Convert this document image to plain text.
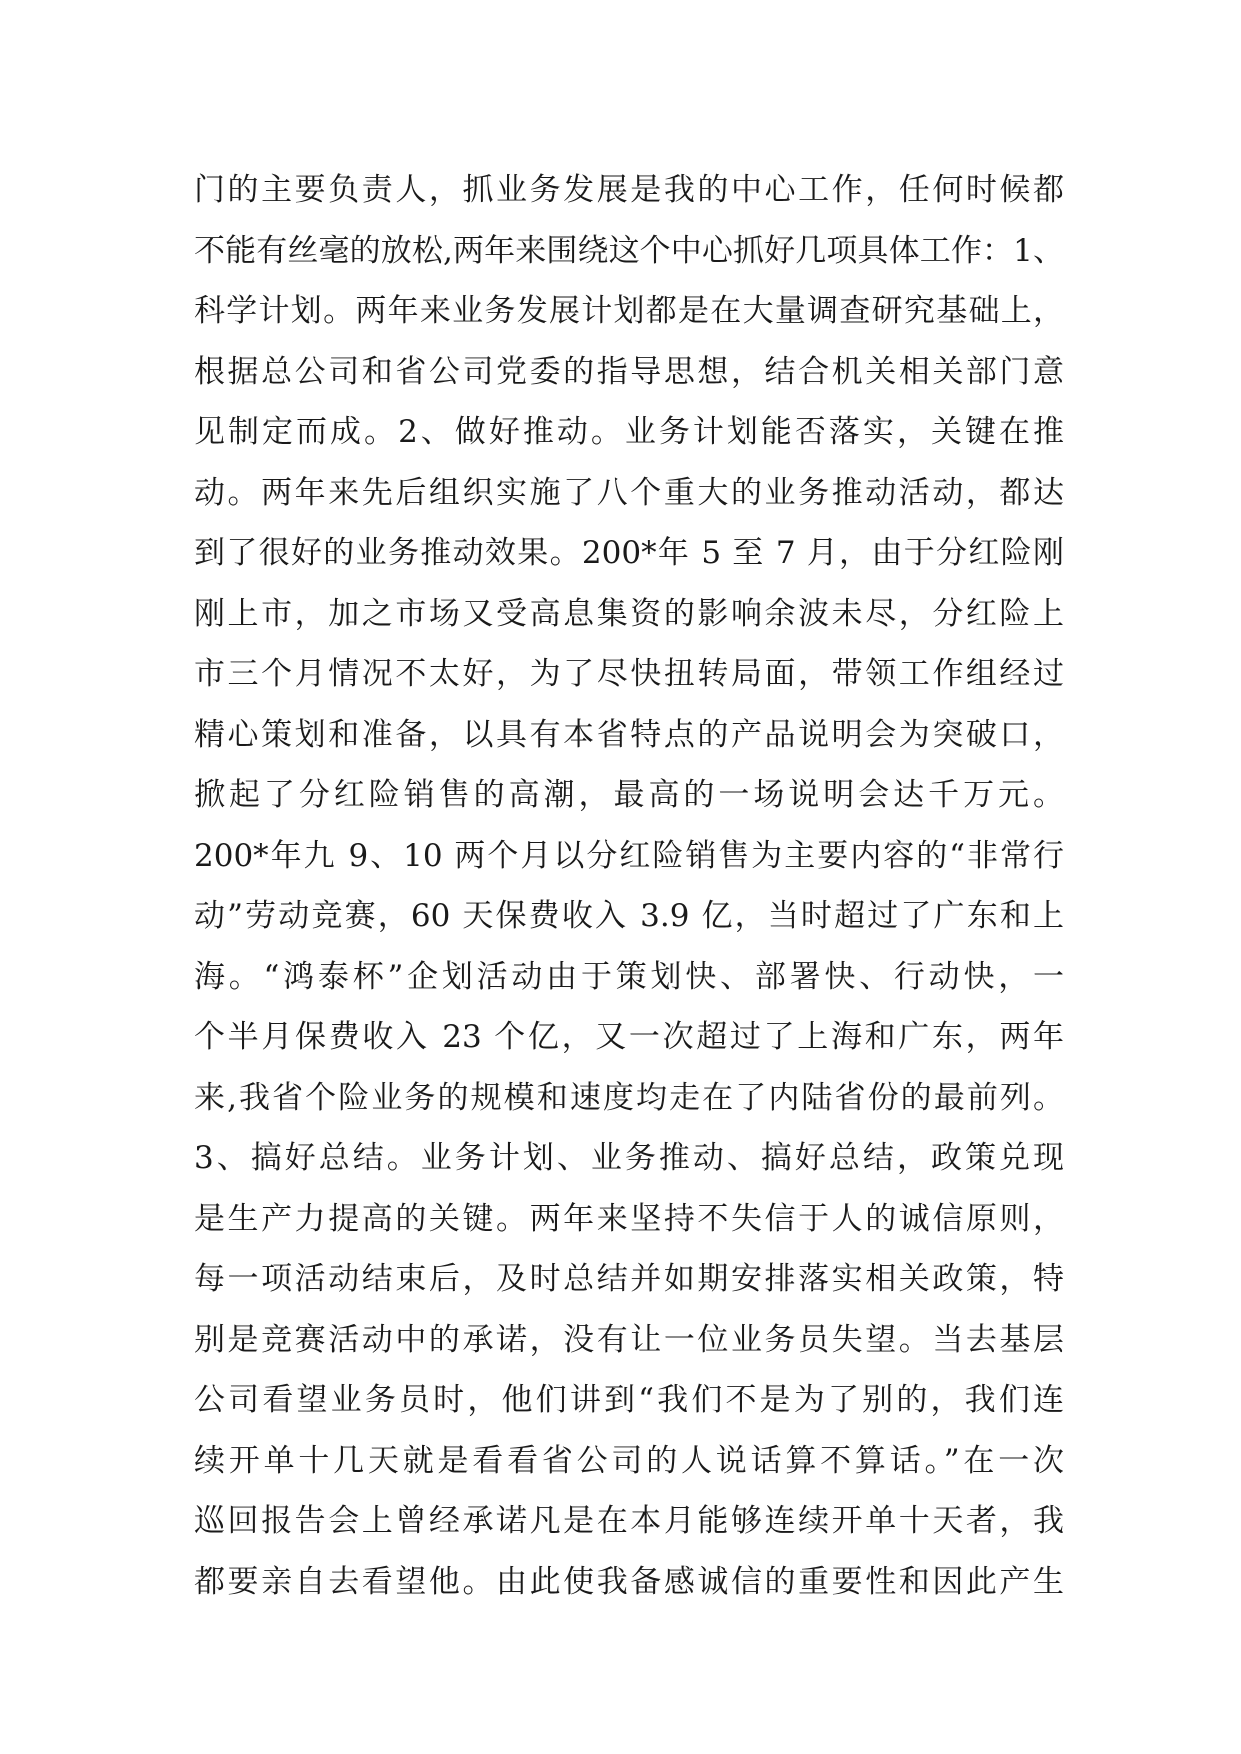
门的主要负责人，抓业务发展是我的中心工作，任何时候都
不能有丝毫的放松,两年来围绕这个中心抓好几项具体工作：1、
科学计划。两年来业务发展计划都是在大量调查研究基础上，
根据总公司和省公司党委的指导思想，结合机关相关部门意
见制定而成。2、做好推动。业务计划能否落实，关键在推
动。两年来先后组织实施了八个重大的业务推动活动，都达
到了很好的业务推动效果。200*年 5 至 7 月，由于分红险刚
刚上市，加之市场又受高息集资的影响余波未尽，分红险上
市三个月情况不太好，为了尽快扭转局面，带领工作组经过
精心策划和准备，以具有本省特点的产品说明会为突破口，
掀起了分红险销售的高潮，最高的一场说明会达千万元。
200*年九 9、10 两个月以分红险销售为主要内容的“非常行
动”劳动竞赛，60 天保费收入 3.9 亿，当时超过了广东和上
海。“鸿泰杯”企划活动由于策划快、部署快、行动快，一
个半月保费收入 23 个亿，又一次超过了上海和广东，两年
来,我省个险业务的规模和速度均走在了内陆省份的最前列。
3、搞好总结。业务计划、业务推动、搞好总结，政策兑现
是生产力提高的关键。两年来坚持不失信于人的诚信原则，
每一项活动结束后，及时总结并如期安排落实相关政策，特
别是竞赛活动中的承诺，没有让一位业务员失望。当去基层
公司看望业务员时，他们讲到“我们不是为了别的，我们连
续开单十几天就是看看省公司的人说话算不算话。”在一次
巡回报告会上曾经承诺凡是在本月能够连续开单十天者，我
都要亲自去看望他。由此使我备感诚信的重要性和因此产生
